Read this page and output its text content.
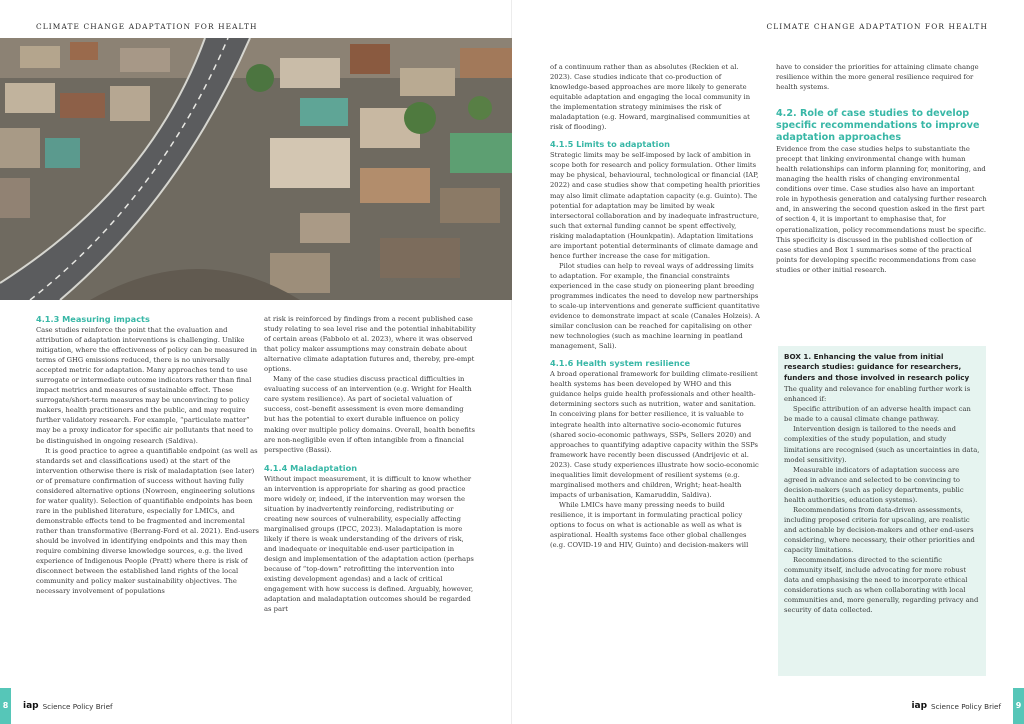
CLIMATE CHANGE ADAPTATION FOR HEALTH

4.1.3 Measuring impacts

Case studies reinforce the point that the evaluation and attribution of adaptation interventions is challenging. Unlike mitigation, where the effectiveness of policy can be measured in terms of GHG emissions reduced, there is no universally accepted metric for adaptation. Many approaches tend to use surrogate or intermediate outcome indicators rather than final impact metrics and measures of sustainable effect. These surrogate/short-term measures may be unconvincing to policy makers, health practitioners and the public, and may require further validatory research. For example, “particulate matter” may be a proxy indicator for specific air pollutants that need to be distinguished in ongoing research (Saldiva).

It is good practice to agree a quantifiable endpoint (as well as standards set and classifications used) at the start of the intervention otherwise there is risk of maladaptation (see later) or of premature confirmation of success without having fully considered alternative options (Nowreen, engineering solutions for water quality). Selection of quantifiable endpoints has been rare in the published literature, especially for LMICs, and demonstrable effects tend to be fragmented and incremental rather than transformative (Berrang-Ford et al. 2021). End-users should be involved in identifying endpoints and this may then require combining diverse knowledge sources, e.g. the lived experience of Indigenous People (Pratt) where there is risk of disconnect between the established land rights of the local community and policy maker sustainability objectives. The necessary involvement of populations

at risk is reinforced by findings from a recent published case study relating to sea level rise and the potential inhabitability of certain areas (Fabbolo et al. 2023), where it was observed that policy maker assumptions may constrain debate about alternative climate adaptation futures and, thereby, pre-empt options.

Many of the case studies discuss practical difficulties in evaluating success of an intervention (e.g. Wright for Health care system resilience). As part of societal valuation of success, cost–benefit assessment is even more demanding but has the potential to exert durable influence on policy making over multiple policy domains. Overall, health benefits are non-negligible even if often intangible from a financial perspective (Bassi).

4.1.4 Maladaptation

Without impact measurement, it is difficult to know whether an intervention is appropriate for sharing as good practice more widely or, indeed, if the intervention may worsen the situation by inadvertently reinforcing, redistributing or creating new sources of vulnerability, especially affecting marginalised groups (IPCC, 2023). Maladaptation is more likely if there is weak understanding of the drivers of risk, and inadequate or inequitable end-user participation in design and implementation of the adaptation action (perhaps because of “top-down” retrofitting the intervention into existing development agendas) and a lack of critical engagement with how success is defined. Arguably, however, adaptation and maladaptation outcomes should be regarded as part

8	iap Science Policy Brief
CLIMATE CHANGE ADAPTATION FOR HEALTH

of a continuum rather than as absolutes (Reckien et al. 2023). Case studies indicate that co-production of knowledge-based approaches are more likely to generate equitable adaptation and engaging the local community in the implementation strategy minimises the risk of maladaptation (e.g. Howard, marginalised communities at risk of flooding).

4.1.5 Limits to adaptation

Strategic limits may be self-imposed by lack of ambition in scope both for research and policy formulation. Other limits may be physical, behavioural, technological or financial (IAP, 2022) and case studies show that competing health priorities may also limit climate adaptation capacity (e.g. Guinto). The potential for adaptation may be limited by weak intersectoral collaboration and by inadequate infrastructure, such that external funding cannot be spent effectively, risking maladaptation (Hounkpatin). Adaptation limitations are important potential determinants of climate damage and hence further increase the case for mitigation.

Pilot studies can help to reveal ways of addressing limits to adaptation. For example, the financial constraints experienced in the case study on pioneering plant breeding programmes indicates the need to develop new partnerships to scale-up interventions and generate sufficient quantitative evidence to demonstrate impact at scale (Canales Holzeis). A similar conclusion can be reached for capitalising on other new technologies (such as machine learning in peatland management, Sali).

4.1.6 Health system resilience

A broad operational framework for building climate-resilient health systems has been developed by WHO and this guidance helps guide health professionals and other health-determining sectors such as nutrition, water and sanitation. In conceiving plans for better resilience, it is valuable to integrate health into alternative socio-economic futures (shared socio-economic pathways, SSPs, Sellers 2020) and approaches to quantifying adaptive capacity within the SSPs framework have recently been discussed (Andrijevic et al. 2023). Case study experiences illustrate how socio-economic inequalities limit development of resilient systems (e.g. marginalised mothers and children, Wright; heat-health impacts of urbanisation, Kamaruddin, Saldiva).

While LMICs have many pressing needs to build resilience, it is important in formulating practical policy options to focus on what is actionable as well as what is aspirational. Health systems face other global challenges (e.g. COVID-19 and HIV, Guinto) and decision-makers will

have to consider the priorities for attaining climate change resilience within the more general resilience required for health systems.

4.2. Role of case studies to develop specific recommendations to improve adaptation approaches

Evidence from the case studies helps to substantiate the precept that linking environmental change with human health relationships can inform planning for, monitoring, and managing the health risks of changing environmental conditions over time. Case studies also have an important role in hypothesis generation and catalysing further research and, in answering the second question asked in the first part of section 4, it is important to emphasise that, for operationalization, policy recommendations must be specific. This specificity is discussed in the published collection of case studies and Box 1 summarises some of the practical points for developing specific recommendations from case studies or other initial research.

BOX 1. Enhancing the value from initial research studies: guidance for researchers, funders and those involved in research policy

The quality and relevance for enabling further work is enhanced if:

Specific attribution of an adverse health impact can be made to a causal climate change pathway.

Intervention design is tailored to the needs and complexities of the study population, and study limitations are recognised (such as uncertainties in data, model sensitivity).

Measurable indicators of adaptation success are agreed in advance and selected to be convincing to decision-makers (such as policy departments, public health authorities, education systems).

Recommendations from data-driven assessments, including proposed criteria for upscaling, are realistic and actionable by decision-makers and other end-users considering, where necessary, their other priorities and capacity limitations.

Recommendations directed to the scientific community itself, include advocating for more robust data and emphasising the need to incorporate ethical considerations such as when collaborating with local communities and, more generally, regarding privacy and security of data collected.

iap Science Policy Brief	9
